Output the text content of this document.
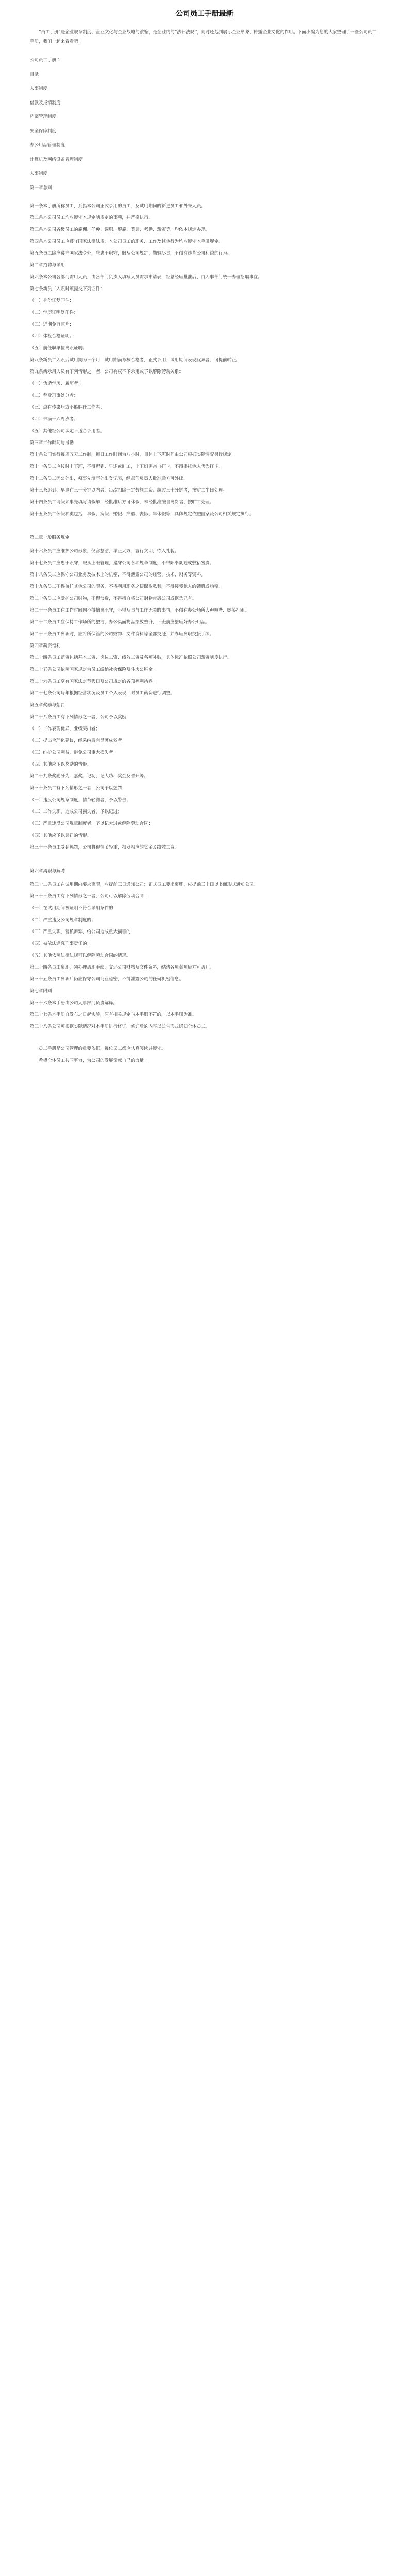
公司员工手册最新

“员工手册”是企业规章制度、企业文化与企业战略的浓缩，是企业内的“法律法规”，同时还起到展示企业形象、传播企业文化的作用。下面小编为您的大家整理了一些公司员工手册，我们一起来看看吧！

公司员工手册 1
目录
人事制度
借款及报销制度
档案管理制度
安全保障制度
办公用品管理制度
计算机及网络设备管理制度
人事制度
第一章总则

第一条本手册所称员工，系指本公司正式录用的员工，及试用期间的新进员工和外来人员。

第二条本公司员工均应遵守本规定所规定的事项，并严格执行。

第三条本公司各级员工的雇佣、任免、调职、解雇、奖惩、考勤、薪资等，均依本规定办理。

第四条本公司员工应遵守国家法律法规，本公司员工的职务、工作及其他行为均应遵守本手册规定。

第五条员工除应遵守国家法令外，应忠于职守，服从公司规定，勤勉尽责，不得有违背公司利益的行为。

第二章招聘与录用

第六条本公司各部门需用人员，由各部门负责人填写人员需求申请表，经总经理批准后，由人事部门统一办理招聘事宜。

第七条新员工入职时须提交下列证件：

（一）身份证复印件；

（二）学历证明复印件；

（三）近期免冠照片；

（四）体检合格证明；

（五）前任职单位离职证明。

第八条新员工入职后试用期为三个月，试用期满考核合格者，正式录用，试用期间表现优异者，可提前转正。

第九条新录用人员有下列情形之一者，公司有权不予录用或予以解除劳动关系：

（一）伪造学历、履历者；

（二）曾受刑事处分者；

（三）患有传染病或不能胜任工作者；

（四）未满十六周岁者；

（五）其他经公司认定不适合录用者。

第三章工作时间与考勤

第十条公司实行每周五天工作制，每日工作时间为八小时，具体上下班时间由公司根据实际情况另行规定。

第十一条员工应按时上下班，不得迟到、早退或旷工，上下班需亲自打卡，不得委托他人代为打卡。

第十二条员工因公外出，须事先填写外出登记表，经部门负责人批准后方可外出。

第十三条迟到、早退在三十分钟以内者，每次扣除一定数额工资；超过三十分钟者，按旷工半日处理。

第十四条员工请假须事先填写请假单，经批准后方可休假，未经批准擅自离岗者，按旷工处理。

第十五条员工休假种类包括：事假、病假、婚假、产假、丧假、年休假等，具体规定依照国家及公司相关规定执行。

第二章一般服务规定

第十六条员工应维护公司形象，仪容整洁，举止大方，言行文明，待人礼貌。

第十七条员工应忠于职守，服从上级管理，遵守公司各项规章制度，不得阳奉阴违或敷衍塞责。

第十八条员工应保守公司业务及技术上的机密，不得泄露公司的经营、技术、财务等资料。

第十九条员工不得兼任其他公司的职务，不得利用职务之便谋取私利，不得接受他人的馈赠或贿赂。

第二十条员工应爱护公司财物，不得浪费，不得擅自将公司财物带离公司或据为己有。

第二十一条员工在工作时间内不得擅离职守，不得从事与工作无关的事情，不得在办公场所大声喧哗、嬉笑打闹。

第二十二条员工应保持工作场所的整洁，办公桌面物品摆放整齐，下班前应整理好办公用品。

第二十三条员工离职时，应将所保管的公司财物、文件资料等全部交还，并办理离职交接手续。

第四章薪资福利

第二十四条员工薪资包括基本工资、岗位工资、绩效工资及各项补贴，具体标准依照公司薪资制度执行。

第二十五条公司依照国家规定为员工缴纳社会保险及住房公积金。

第二十六条员工享有国家法定节假日及公司规定的各项福利待遇。

第二十七条公司每年根据经营状况及员工个人表现，对员工薪资进行调整。

第五章奖励与惩罚

第二十八条员工有下列情形之一者，公司予以奖励：

（一）工作表现优异，业绩突出者；

（二）提出合理化建议，经采纳后有显著成效者；

（三）维护公司利益，避免公司重大损失者；

（四）其他应予以奖励的情形。

第二十九条奖励分为：嘉奖、记功、记大功、奖金及晋升等。

第三十条员工有下列情形之一者，公司予以惩罚：

（一）违反公司规章制度，情节轻微者，予以警告；

（二）工作失职，造成公司损失者，予以记过；

（三）严重违反公司规章制度者，予以记大过或解除劳动合同；

（四）其他应予以惩罚的情形。

第三十一条员工受到惩罚，公司将视情节轻重，扣发相应的奖金及绩效工资。

第六章离职与解聘

第三十二条员工在试用期内要求离职，应提前三日通知公司；正式员工要求离职，应提前三十日以书面形式通知公司。

第三十三条员工有下列情形之一者，公司可以解除劳动合同：

（一）在试用期间被证明不符合录用条件的；

（二）严重违反公司规章制度的；

（三）严重失职，营私舞弊，给公司造成重大损害的；

（四）被依法追究刑事责任的；

（五）其他依照法律法规可以解除劳动合同的情形。

第三十四条员工离职，须办理离职手续，交还公司财物及文件资料，结清各项款项后方可离开。

第三十五条员工离职后仍应保守公司商业秘密，不得泄露公司的任何机密信息。

第七章附则

第三十六条本手册由公司人事部门负责解释。

第三十七条本手册自发布之日起实施，原有相关规定与本手册不符的，以本手册为准。

第三十八条公司可根据实际情况对本手册进行修订，修订后的内容以公告形式通知全体员工。

员工手册是公司管理的重要依据，每位员工都应认真阅读并遵守。

希望全体员工共同努力，为公司的发展贡献自己的力量。
